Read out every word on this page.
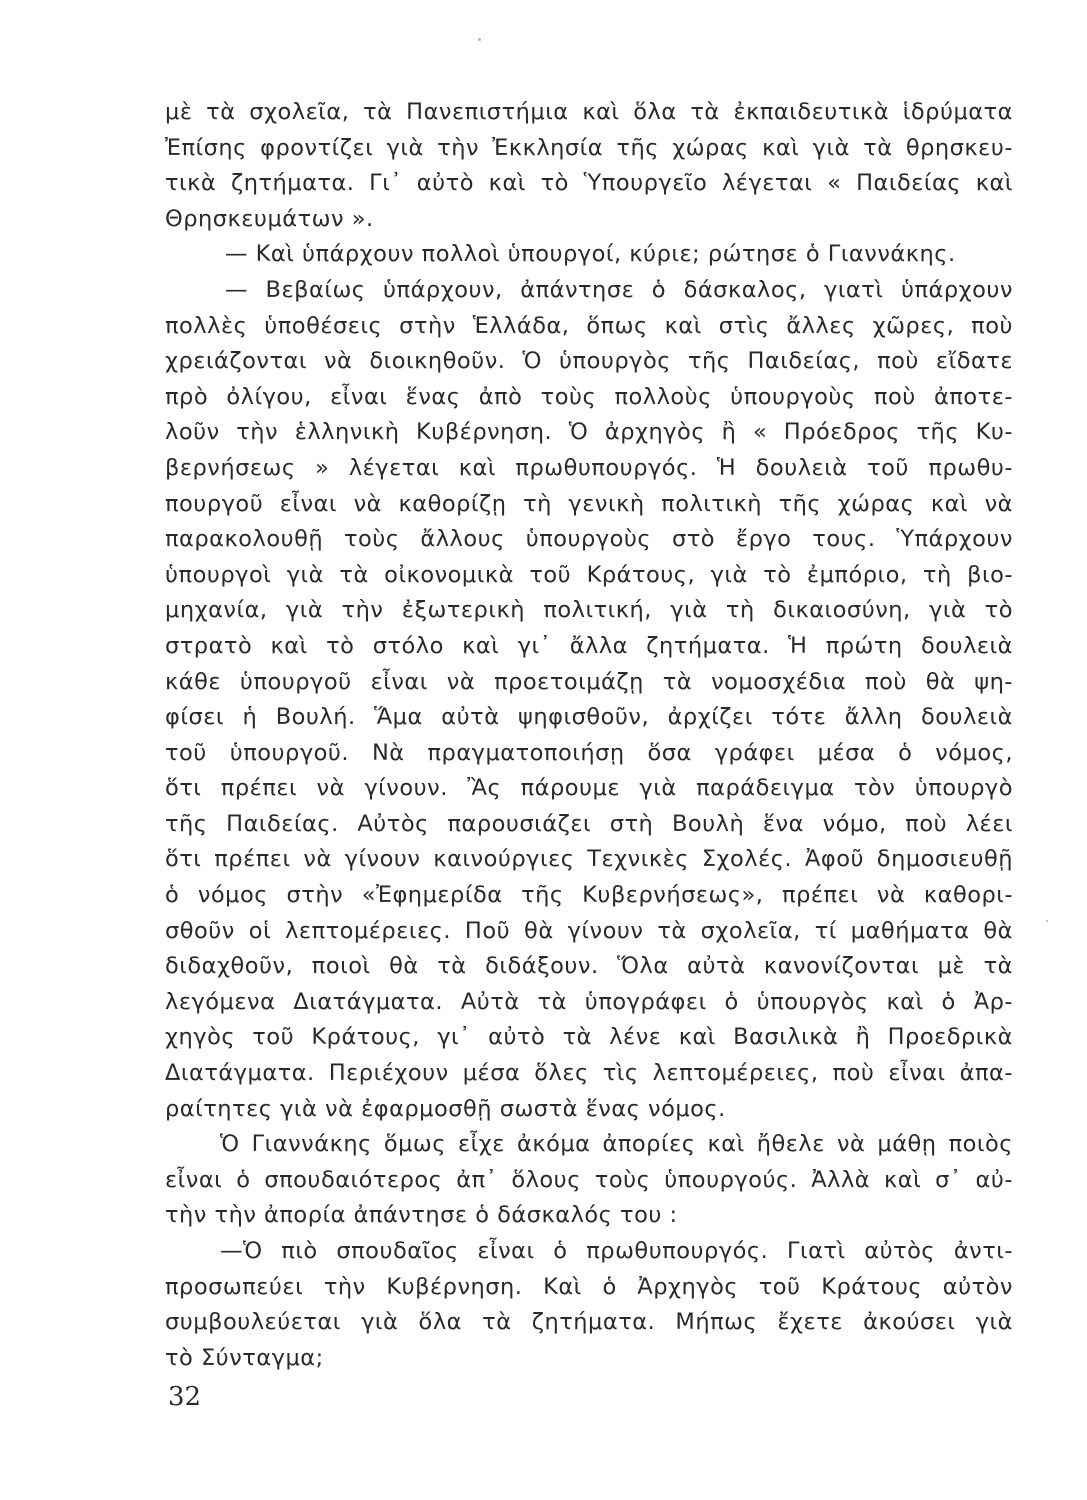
μὲ τὰ σχολεῖα, τὰ Πανεπιστήμια καὶ ὅλα τὰ ἐκπαιδευτικὰ ἱδρύματα
Ἐπίσης φροντίζει γιὰ τὴν Ἐκκλησία τῆς χώρας καὶ γιὰ τὰ θρησκευ-
τικὰ ζητήματα. Γι᾿ αὐτὸ καὶ τὸ Ὑπουργεῖο λέγεται « Παιδείας καὶ
Θρησκευμάτων ».
— Καὶ ὑπάρχουν πολλοὶ ὑπουργοί, κύριε; ρώτησε ὁ Γιαννάκης.
— Βεβαίως ὑπάρχουν, ἀπάντησε ὁ δάσκαλος, γιατὶ ὑπάρχουν
πολλὲς ὑποθέσεις στὴν Ἑλλάδα, ὅπως καὶ στὶς ἄλλες χῶρες, ποὺ
χρειάζονται νὰ διοικηθοῦν. Ὁ ὑπουργὸς τῆς Παιδείας, ποὺ εἴδατε
πρὸ ὀλίγου, εἶναι ἕνας ἀπὸ τοὺς πολλοὺς ὑπουργοὺς ποὺ ἀποτε-
λοῦν τὴν ἑλληνικὴ Κυβέρνηση. Ὁ ἀρχηγὸς ἢ « Πρόεδρος τῆς Κυ-
βερνήσεως » λέγεται καὶ πρωθυπουργός. Ἡ δουλειὰ τοῦ πρωθυ-
πουργοῦ εἶναι νὰ καθορίζῃ τὴ γενικὴ πολιτικὴ τῆς χώρας καὶ νὰ
παρακολουθῇ τοὺς ἄλλους ὑπουργοὺς στὸ ἔργο τους. Ὑπάρχουν
ὑπουργοὶ γιὰ τὰ οἰκονομικὰ τοῦ Κράτους, γιὰ τὸ ἐμπόριο, τὴ βιο-
μηχανία, γιὰ τὴν ἐξωτερικὴ πολιτική, γιὰ τὴ δικαιοσύνη, γιὰ τὸ
στρατὸ καὶ τὸ στόλο καὶ γι᾿ ἄλλα ζητήματα. Ἡ πρώτη δουλειὰ
κάθε ὑπουργοῦ εἶναι νὰ προετοιμάζῃ τὰ νομοσχέδια ποὺ θὰ ψη-
φίσει ἡ Βουλή. Ἅμα αὐτὰ ψηφισθοῦν, ἀρχίζει τότε ἄλλη δουλειὰ
τοῦ ὑπουργοῦ. Νὰ πραγματοποιήσῃ ὅσα γράφει μέσα ὁ νόμος,
ὅτι πρέπει νὰ γίνουν. Ἂς πάρουμε γιὰ παράδειγμα τὸν ὑπουργὸ
τῆς Παιδείας. Αὐτὸς παρουσιάζει στὴ Βουλὴ ἕνα νόμο, ποὺ λέει
ὅτι πρέπει νὰ γίνουν καινούργιες Τεχνικὲς Σχολές. Ἀφοῦ δημοσιευθῇ
ὁ νόμος στὴν «Ἐφημερίδα τῆς Κυβερνήσεως», πρέπει νὰ καθορι-
σθοῦν οἱ λεπτομέρειες. Ποῦ θὰ γίνουν τὰ σχολεῖα, τί μαθήματα θὰ
διδαχθοῦν, ποιοὶ θὰ τὰ διδάξουν. Ὅλα αὐτὰ κανονίζονται μὲ τὰ
λεγόμενα Διατάγματα. Αὐτὰ τὰ ὑπογράφει ὁ ὑπουργὸς καὶ ὁ Ἀρ-
χηγὸς τοῦ Κράτους, γι᾿ αὐτὸ τὰ λένε καὶ Βασιλικὰ ἢ Προεδρικὰ
Διατάγματα. Περιέχουν μέσα ὅλες τὶς λεπτομέρειες, ποὺ εἶναι ἀπα-
ραίτητες γιὰ νὰ ἐφαρμοσθῇ σωστὰ ἕνας νόμος.
Ὁ Γιαννάκης ὅμως εἶχε ἀκόμα ἀπορίες καὶ ἤθελε νὰ μάθῃ ποιὸς
εἶναι ὁ σπουδαιότερος ἀπ᾿ ὅλους τοὺς ὑπουργούς. Ἀλλὰ καὶ σ᾿ αὐ-
τὴν τὴν ἀπορία ἀπάντησε ὁ δάσκαλός του :
—Ὁ πιὸ σπουδαῖος εἶναι ὁ πρωθυπουργός. Γιατὶ αὐτὸς ἀντι-
προσωπεύει τὴν Κυβέρνηση. Καὶ ὁ Ἀρχηγὸς τοῦ Κράτους αὐτὸν
συμβουλεύεται γιὰ ὅλα τὰ ζητήματα. Μήπως ἔχετε ἀκούσει γιὰ
τὸ Σύνταγμα;
32
